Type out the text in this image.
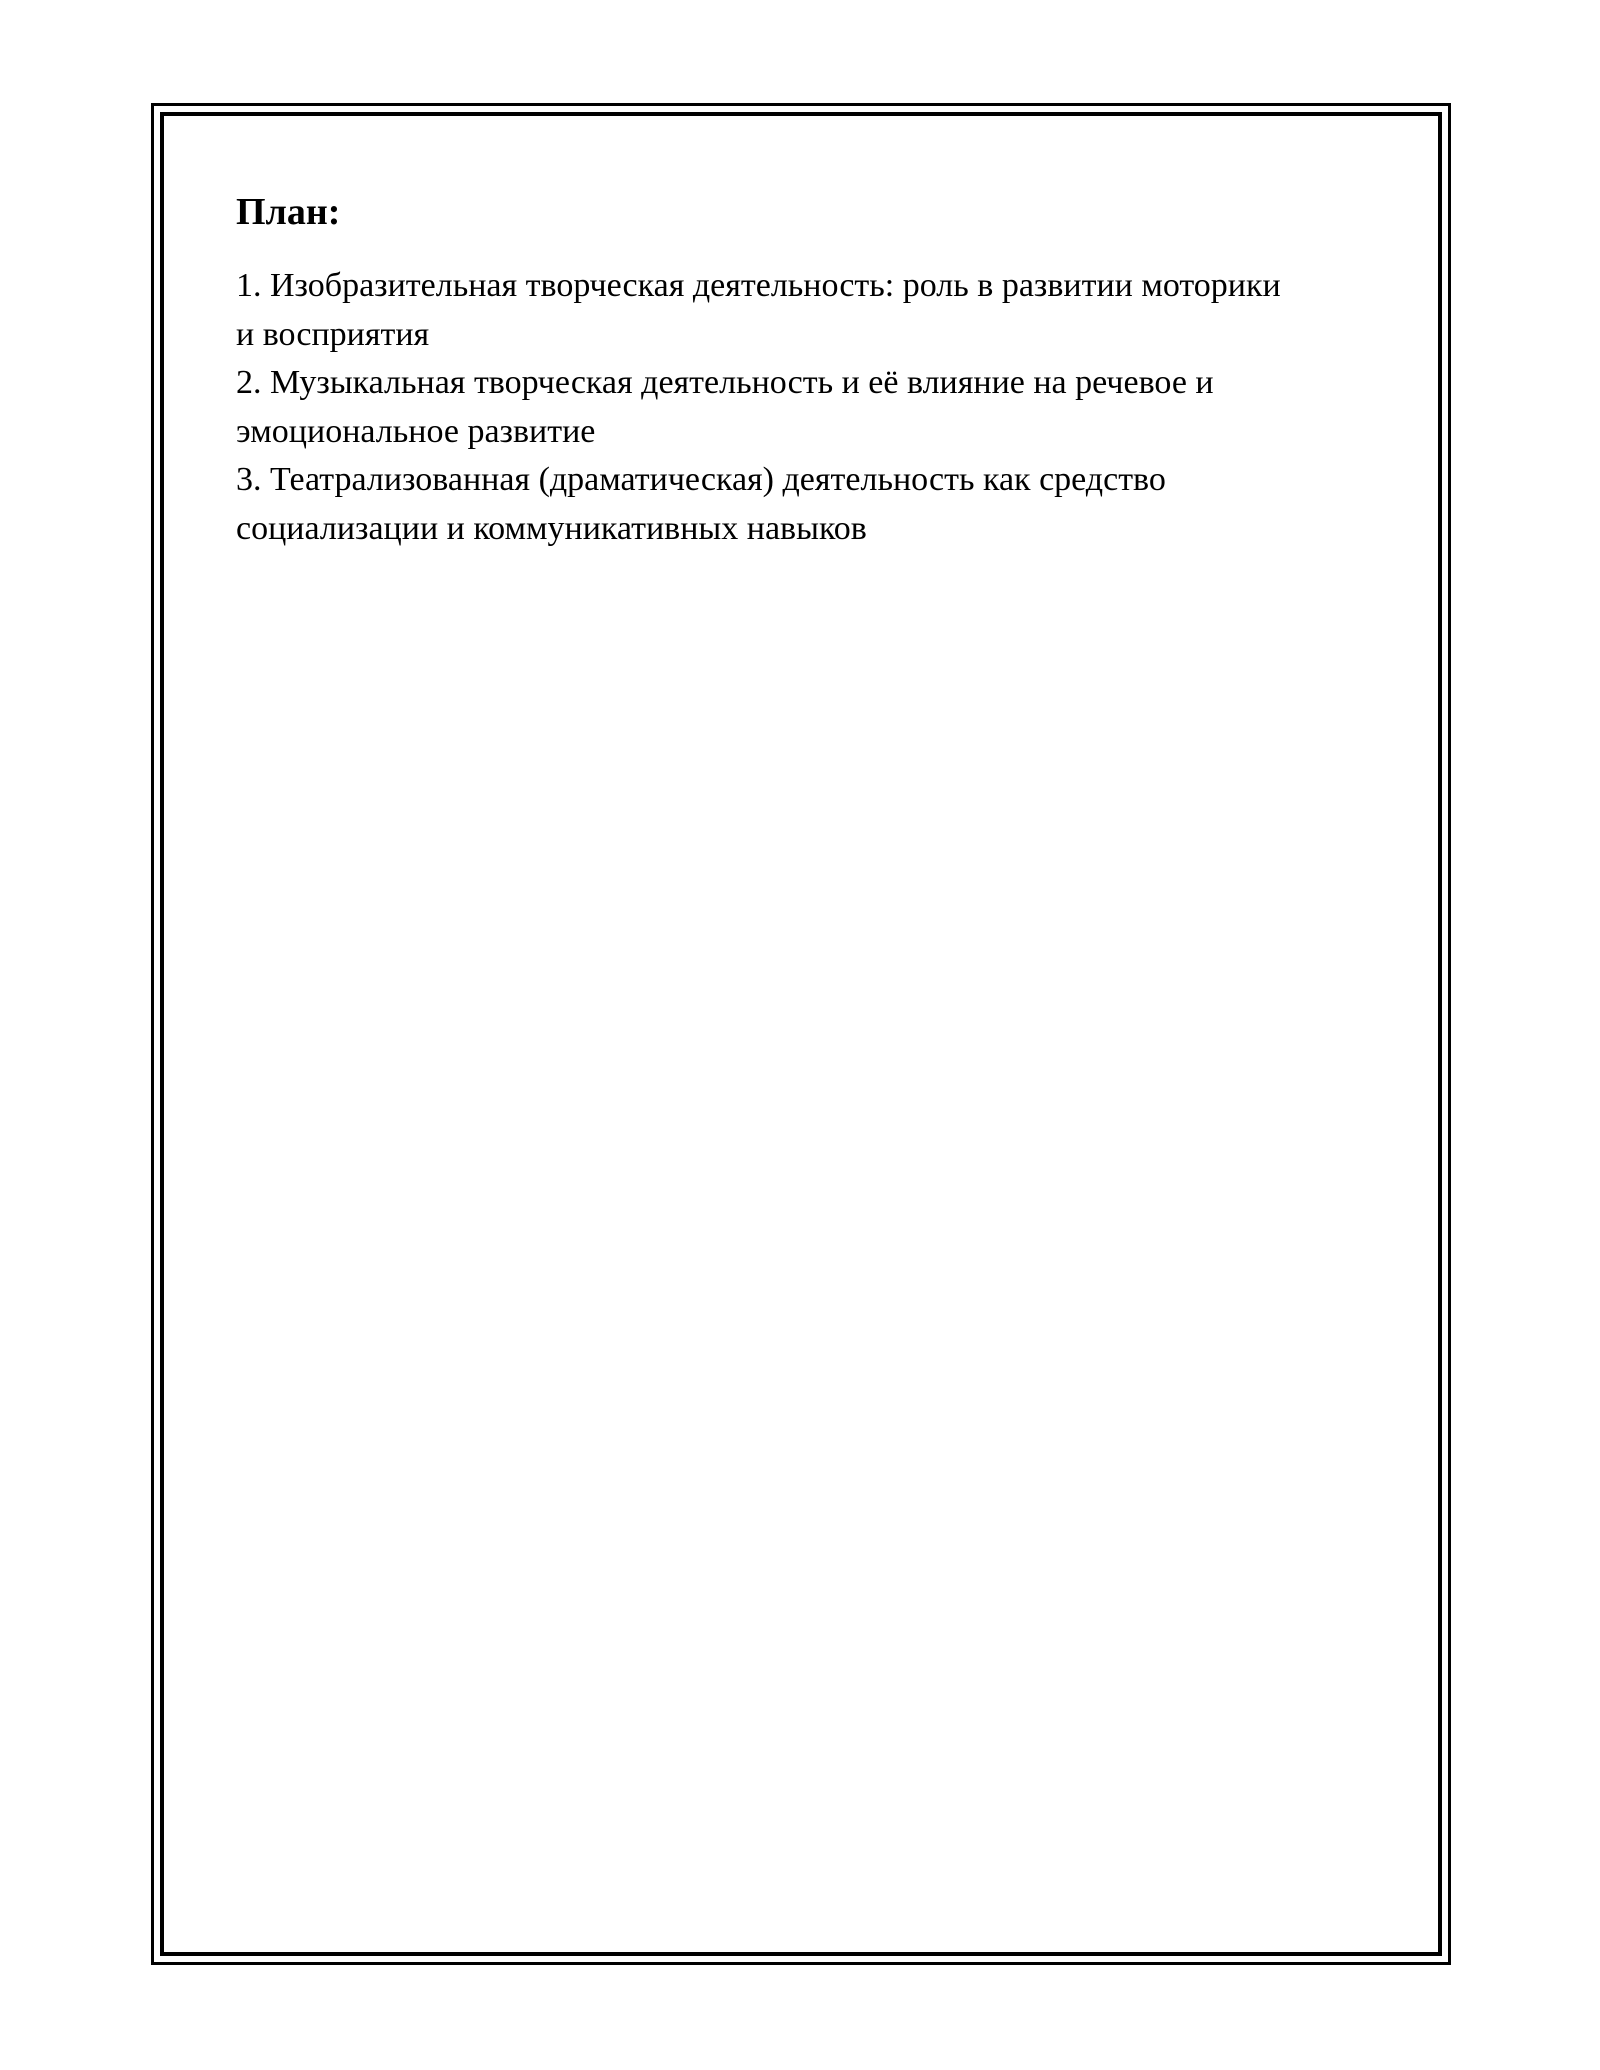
План:
1. Изобразительная творческая деятельность: роль в развитии моторики
и восприятия
2. Музыкальная творческая деятельность и её влияние на речевое и
эмоциональное развитие
3. Театрализованная (драматическая) деятельность как средство
социализации и коммуникативных навыков
